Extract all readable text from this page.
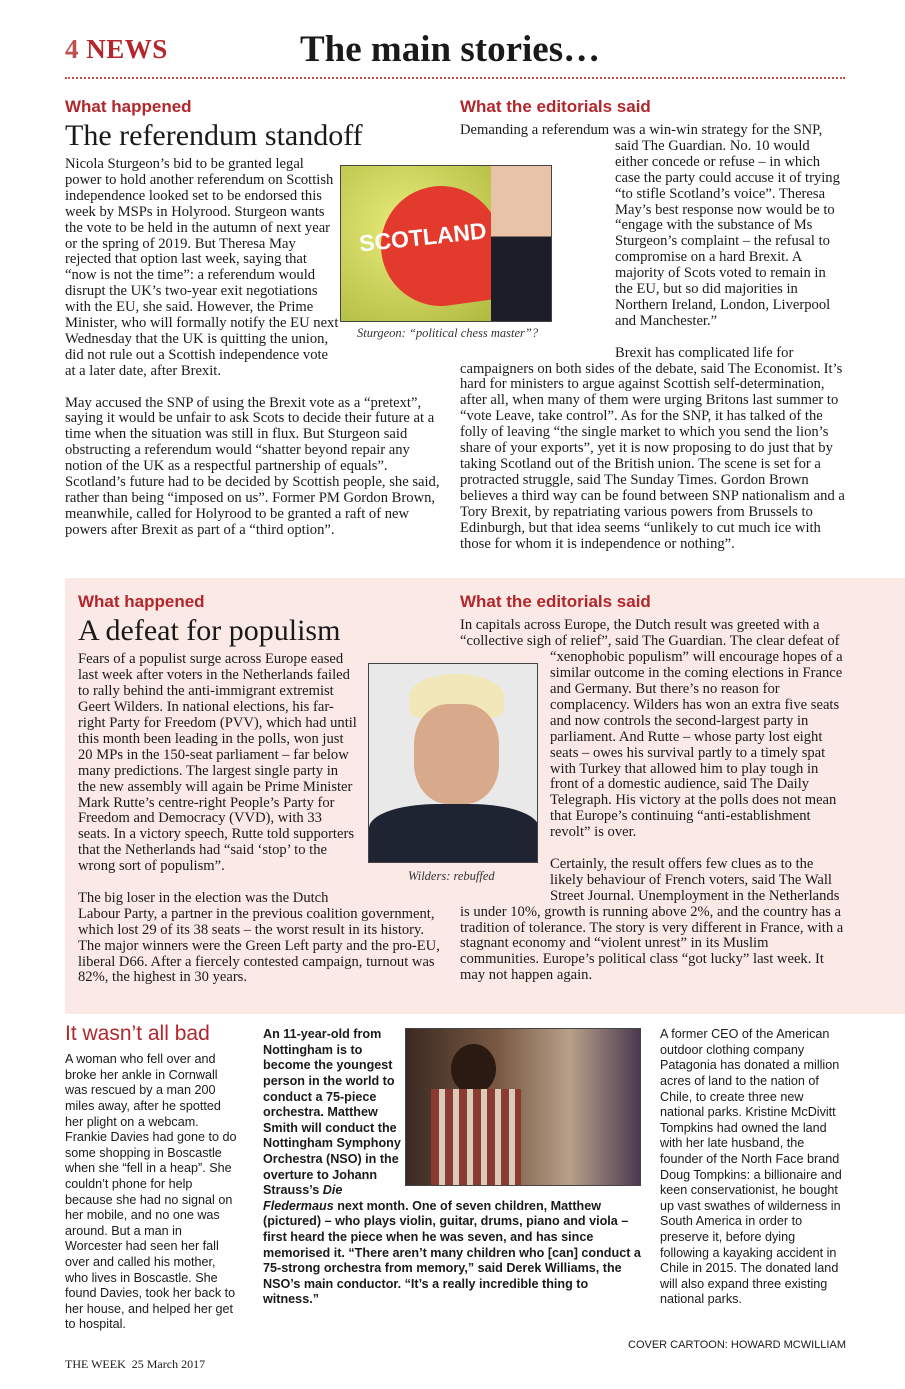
4 NEWS	The main stories…
What happened
The referendum standoff

Nicola Sturgeon’s bid to be granted legal power to hold another referendum on Scottish independence looked set to be endorsed this week by MSPs in Holyrood. Sturgeon wants the vote to be held in the autumn of next year or the spring of 2019. But Theresa May rejected that option last week, saying that “now is not the time”: a referendum would disrupt the UK’s two-year exit negotiations with the EU, she said. However, the Prime Minister, who will formally notify the EU next Wednesday that the UK is quitting the union, did not rule out a Scottish independence vote at a later date, after Brexit.

May accused the SNP of using the Brexit vote as a “pretext”, saying it would be unfair to ask Scots to decide their future at a time when the situation was still in flux. But Sturgeon said obstructing a referendum would “shatter beyond repair any notion of the UK as a respectful partnership of equals”. Scotland’s future had to be decided by Scottish people, she said, rather than being “imposed on us”. Former PM Gordon Brown, meanwhile, called for Holyrood to be granted a raft of new powers after Brexit as part of a “third option”.

What the editorials said

Demanding a referendum was a win-win strategy for the SNP, said The Guardian. No. 10 would either concede or refuse – in which case the party could accuse it of trying “to stifle Scotland’s voice”. Theresa May’s best response now would be to “engage with the substance of Ms Sturgeon’s complaint – the refusal to compromise on a hard Brexit. A majority of Scots voted to remain in the EU, but so did majorities in Northern Ireland, London, Liverpool and Manchester.”

Brexit has complicated life for campaigners on both sides of the debate, said The Economist. It’s hard for ministers to argue against Scottish self-determination, after all, when many of them were urging Britons last summer to “vote Leave, take control”. As for the SNP, it has talked of the folly of leaving “the single market to which you send the lion’s share of your exports”, yet it is now proposing to do just that by taking Scotland out of the British union. The scene is set for a protracted struggle, said The Sunday Times. Gordon Brown believes a third way can be found between SNP nationalism and a Tory Brexit, by repatriating various powers from Brussels to Edinburgh, but that idea seems “unlikely to cut much ice with those for whom it is independence or nothing”.

SCOTLAND
Sturgeon: “political chess master”?
What happened
A defeat for populism

Fears of a populist surge across Europe eased last week after voters in the Netherlands failed to rally behind the anti-immigrant extremist Geert Wilders. In national elections, his far-right Party for Freedom (PVV), which had until this month been leading in the polls, won just 20 MPs in the 150-seat parliament – far below many predictions. The largest single party in the new assembly will again be Prime Minister Mark Rutte’s centre-right People’s Party for Freedom and Democracy (VVD), with 33 seats. In a victory speech, Rutte told supporters that the Netherlands had “said ‘stop’ to the wrong sort of populism”.

The big loser in the election was the Dutch Labour Party, a partner in the previous coalition government, which lost 29 of its 38 seats – the worst result in its history. The major winners were the Green Left party and the pro-EU, liberal D66. After a fiercely contested campaign, turnout was 82%, the highest in 30 years.

What the editorials said

In capitals across Europe, the Dutch result was greeted with a “collective sigh of relief”, said The Guardian. The clear defeat of “xenophobic populism” will encourage hopes of a similar outcome in the coming elections in France and Germany. But there’s no reason for complacency. Wilders has won an extra five seats and now controls the second-largest party in parliament. And Rutte – whose party lost eight seats – owes his survival partly to a timely spat with Turkey that allowed him to play tough in front of a domestic audience, said The Daily Telegraph. His victory at the polls does not mean that Europe’s continuing “anti-establishment revolt” is over.

Certainly, the result offers few clues as to the likely behaviour of French voters, said The Wall Street Journal. Unemployment in the Netherlands is under 10%, growth is running above 2%, and the country has a tradition of tolerance. The story is very different in France, with a stagnant economy and “violent unrest” in its Muslim communities. Europe’s political class “got lucky” last week. It may not happen again.

Wilders: rebuffed
It wasn’t all bad
A woman who fell over and broke her ankle in Cornwall was rescued by a man 200 miles away, after he spotted her plight on a webcam. Frankie Davies had gone to do some shopping in Boscastle when she “fell in a heap”. She couldn’t phone for help because she had no signal on her mobile, and no one was around. But a man in Worcester had seen her fall over and called his mother, who lives in Boscastle. She found Davies, took her back to her house, and helped her get to hospital.
An 11-year-old from Nottingham is to become the youngest person in the world to conduct a 75-piece orchestra. Matthew Smith will conduct the Nottingham Symphony Orchestra (NSO) in the overture to Johann Strauss’s Die Fledermaus next month. One of seven children, Matthew (pictured) – who plays violin, guitar, drums, piano and viola – first heard the piece when he was seven, and has since memorised it. “There aren’t many children who [can] conduct a 75-strong orchestra from memory,” said Derek Williams, the NSO’s main conductor. “It’s a really incredible thing to witness.”
A former CEO of the American outdoor clothing company Patagonia has donated a million acres of land to the nation of Chile, to create three new national parks. Kristine McDivitt Tompkins had owned the land with her late husband, the founder of the North Face brand Doug Tompkins: a billionaire and keen conservationist, he bought up vast swathes of wilderness in South America in order to preserve it, before dying following a kayaking accident in Chile in 2015. The donated land will also expand three existing national parks.
COVER CARTOON: HOWARD MCWILLIAM
THE WEEK 25 March 2017
